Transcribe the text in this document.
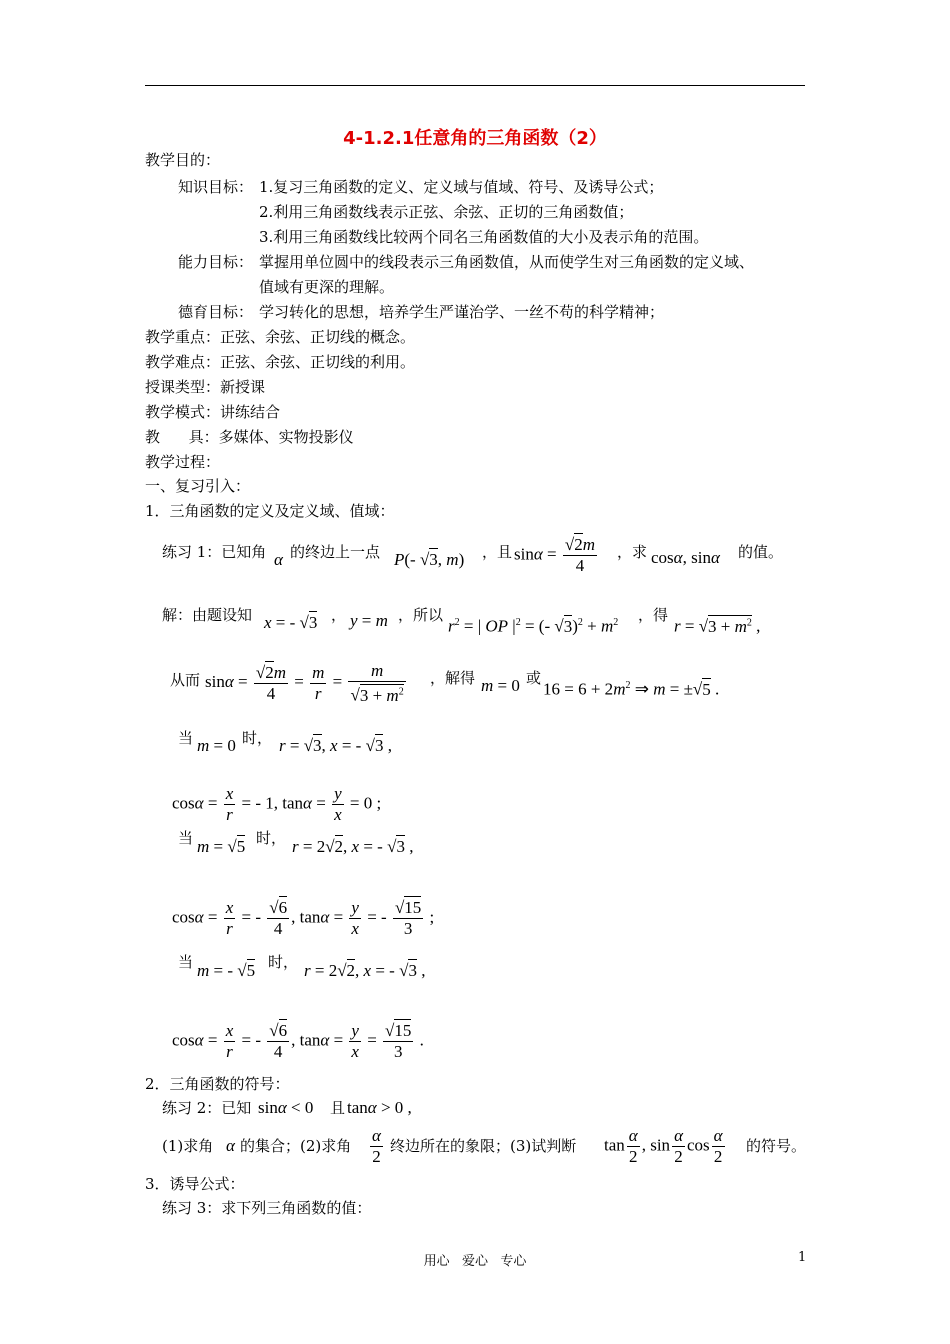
4-1.2.1任意角的三角函数（2）
教学目的：
知识目标： 1.复习三角函数的定义、定义域与值域、符号、及诱导公式；
2.利用三角函数线表示正弦、余弦、正切的三角函数值；
3.利用三角函数线比较两个同名三角函数值的大小及表示角的范围。
能力目标： 掌握用单位圆中的线段表示三角函数值，从而使学生对三角函数的定义域、
值域有更深的理解。
德育目标： 学习转化的思想，培养学生严谨治学、一丝不苟的科学精神；
教学重点：正弦、余弦、正切线的概念。
教学难点：正弦、余弦、正切线的利用。
授课类型：新授课
教学模式：讲练结合
教      具：多媒体、实物投影仪
教学过程：
一、复习引入：
1．三角函数的定义及定义域、值域：
练习 1：已知角 α 的终边上一点 P(- √3, m) ，且 $\sin\alpha = \frac{√2m}{4}$ ，求 cosα, sinα 的值。
解：由题设知 x = - √3 ， y = m ，所以
$r^2$ = | OP $|^2$ = (- $√3)^2 + m^2$ ，得
$r = √3 + m^2$ ,
从而 $\sin\alpha = \frac{√2m}{4} = \frac{m}{r} = \frac{m}{√3 + m^2}$ ，解得 m = 0 或
$16 = 6 + 2m^2$ ⇒ m = ±√5 .
当 m = 0 时， r = √3, x = - √3 ,
$\cos\alpha = \frac{x}{r}$ = - 1, $\tan\alpha = \frac{y}{x} = 0$ ;
当 m = √5 时， r = 2√2, x = - √3 ,
$\cos\alpha = \frac{x}{r}$ = - $\frac{√6}{4}$ , $\tan\alpha = \frac{y}{x}$ = - $\frac{√15}{3}$ ;
当 m = - √5 时， r = 2√2, x = - √3 ,
$\cos\alpha = \frac{x}{r}$ = - $\frac{√6}{4}$ , $\tan\alpha = \frac{y}{x} = \frac{√15}{3}$ .
2．三角函数的符号：
练习 2：已知 sinα < 0 且 tanα > 0 ,
(1)求角 α 的集合；(2)求角 $\frac{\alpha}{2}$ 终边所在的象限；(3)试判断 $\tan \frac{\alpha}{2}$ , $\sin \frac{\alpha}{2}$ $\cos \frac{\alpha}{2}$ 的符号。
3．诱导公式：
练习 3：求下列三角函数的值：
用心   爱心   专心	1
